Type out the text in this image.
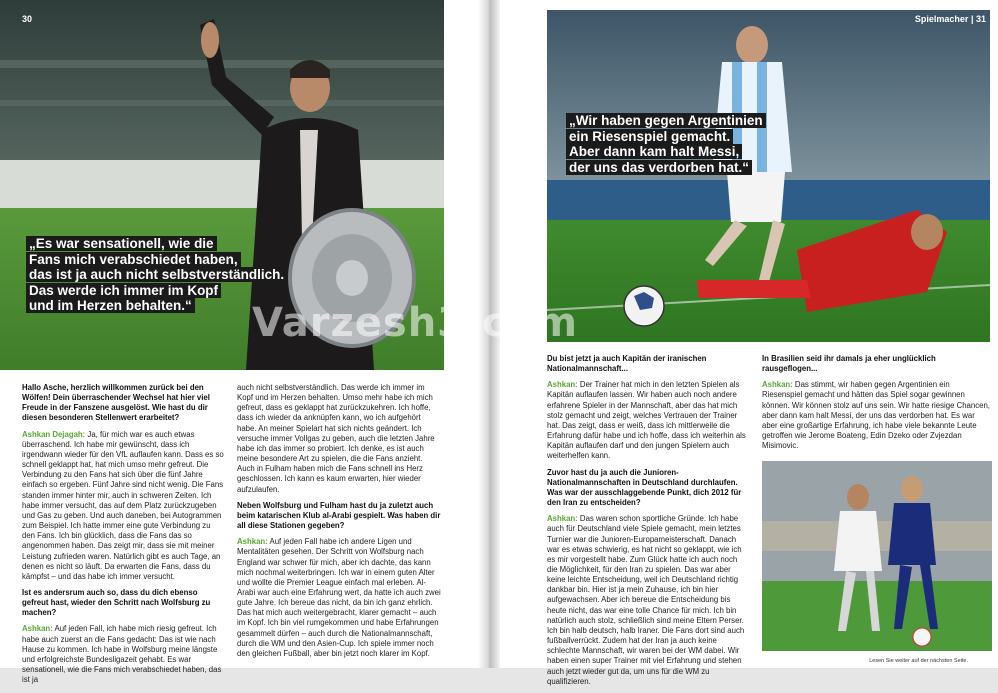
30
„Es war sensationell, wie die
Fans mich verabschiedet haben,
das ist ja auch nicht selbstverständlich.
Das werde ich immer im Kopf
und im Herzen behalten.“

Hallo Asche, herzlich willkommen zurück bei den Wölfen! Dein überraschender Wechsel hat hier viel Freude in der Fanszene ausgelöst. Wie hast du dir diesen besonderen Stellenwert erarbeitet?

Ashkan Dejagah: Ja, für mich war es auch etwas überraschend. Ich habe mir gewünscht, dass ich irgendwann wieder für den VfL auflaufen kann. Dass es so schnell geklappt hat, hat mich umso mehr gefreut. Die Verbindung zu den Fans hat sich über die fünf Jahre einfach so ergeben. Fünf Jahre sind nicht wenig. Die Fans standen immer hinter mir, auch in schweren Zeiten. Ich habe immer versucht, das auf dem Platz zurückzugeben und Gas zu geben. Und auch daneben, bei Autogrammen zum Beispiel. Ich hatte immer eine gute Verbindung zu den Fans. Ich bin glücklich, dass die Fans das so angenommen haben. Das zeigt mir, dass sie mit meiner Leistung zufrieden waren. Natürlich gibt es auch Tage, an denen es nicht so läuft. Da erwarten die Fans, dass du kämpfst – und das habe ich immer versucht.

Ist es andersrum auch so, dass du dich ebenso gefreut hast, wieder den Schritt nach Wolfsburg zu machen?

Ashkan: Auf jeden Fall, ich habe mich riesig gefreut. Ich habe auch zuerst an die Fans gedacht: Das ist wie nach Hause zu kommen. Ich habe in Wolfsburg meine längste und erfolgreichste Bundesligazeit gehabt. Es war sensationell, wie die Fans mich verabschiedet haben, das ist ja

auch nicht selbstverständlich. Das werde ich immer im Kopf und im Herzen behalten. Umso mehr habe ich mich gefreut, dass es geklappt hat zurückzukehren. Ich hoffe, dass ich wieder da anknüpfen kann, wo ich aufgehört habe. An meiner Spielart hat sich nichts geändert. Ich versuche immer Vollgas zu geben, auch die letzten Jahre habe ich das immer so probiert. Ich denke, es ist auch meine besondere Art zu spielen, die die Fans anzieht. Auch in Fulham haben mich die Fans schnell ins Herz geschlossen. Ich kann es kaum erwarten, hier wieder aufzulaufen.

Neben Wolfsburg und Fulham hast du ja zuletzt auch beim katarischen Klub al-Arabi gespielt. Was haben dir all diese Stationen gegeben?

Ashkan: Auf jeden Fall habe ich andere Ligen und Mentalitäten gesehen. Der Schritt von Wolfsburg nach England war schwer für mich, aber ich dachte, das kann mich nochmal weiterbringen. Ich war in einem guten Alter und wollte die Premier League einfach mal erleben. Al-Arabi war auch eine Erfahrung wert, da hatte ich auch zwei gute Jahre. Ich bereue das nicht, da bin ich ganz ehrlich. Das hat mich auch weitergebracht, klarer gemacht – auch im Kopf. Ich bin viel rumgekommen und habe Erfahrungen gesammelt dürfen – auch durch die Nationalmannschaft, durch die WM und den Asien-Cup. Ich spiele immer noch den gleichen Fußball, aber bin jetzt noch klarer im Kopf.

Spielmacher | 31
„Wir haben gegen Argentinien
ein Riesenspiel gemacht.
Aber dann kam halt Messi,
der uns das verdorben hat.“

Du bist jetzt ja auch Kapitän der iranischen Nationalmannschaft...

Ashkan: Der Trainer hat mich in den letzten Spielen als Kapitän auflaufen lassen. Wir haben auch noch andere erfahrene Spieler in der Mannschaft, aber das hat mich stolz gemacht und zeigt, welches Vertrauen der Trainer hat. Das zeigt, dass er weiß, dass ich mittlerweile die Erfahrung dafür habe und ich hoffe, dass ich weiterhin als Kapitän auflaufen darf und den jungen Spielern auch weiterhelfen kann.

Zuvor hast du ja auch die Junioren-Nationalmannschaften in Deutschland durchlaufen. Was war der ausschlaggebende Punkt, dich 2012 für den Iran zu entscheiden?

Ashkan: Das waren schon sportliche Gründe. Ich habe auch für Deutschland viele Spiele gemacht, mein letztes Turnier war die Junioren-Europameisterschaft. Danach war es etwas schwierig, es hat nicht so geklappt, wie ich es mir vorgestellt habe. Zum Glück hatte ich auch noch die Möglichkeit, für den Iran zu spielen. Das war aber keine leichte Entscheidung, weil ich Deutschland richtig dankbar bin. Hier ist ja mein Zuhause, ich bin hier aufgewachsen. Aber ich bereue die Entscheidung bis heute nicht, das war eine tolle Chance für mich. Ich bin natürlich auch stolz, schließlich sind meine Eltern Perser. Ich bin halb deutsch, halb Iraner. Die Fans dort sind auch fußballverrückt. Zudem hat der Iran ja auch keine schlechte Mannschaft, wir waren bei der WM dabei. Wir haben einen super Trainer mit viel Erfahrung und stehen auch jetzt wieder gut da, um uns für die WM zu qualifizieren.

In Brasilien seid ihr damals ja eher unglücklich rausgeflogen...

Ashkan: Das stimmt, wir haben gegen Argentinien ein Riesenspiel gemacht und hätten das Spiel sogar gewinnen können. Wir können stolz auf uns sein. Wir hatte riesige Chancen, aber dann kam halt Messi, der uns das verdorben hat. Es war aber eine großartige Erfahrung, ich habe viele bekannte Leute getroffen wie Jerome Boateng, Edin Dzeko oder Zvjezdan Misimovic.

Lesen Sie weiter auf der nächsten Seite.
Varzesh3.com
